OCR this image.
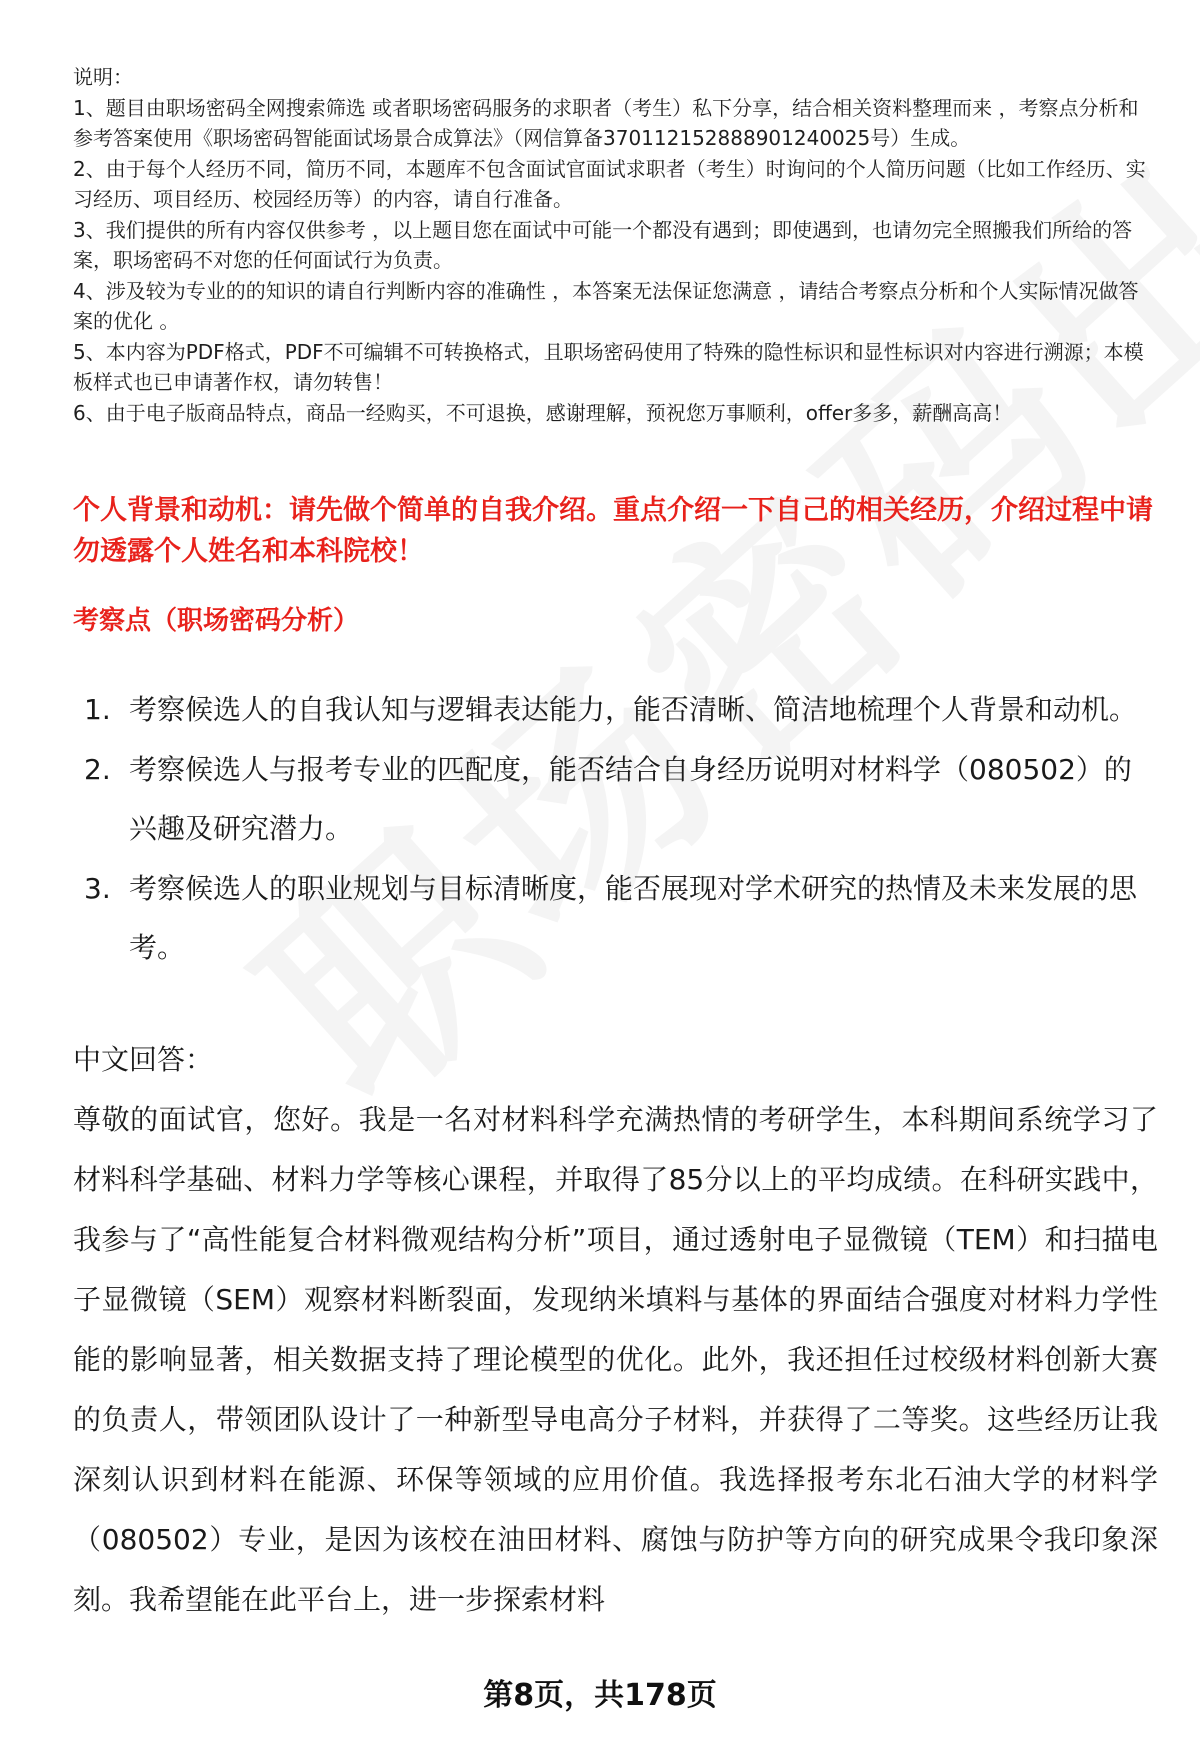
说明：

1、题目由职场密码全网搜索筛选 或者职场密码服务的求职者（考生）私下分享，结合相关资料整理而来 ，考察点分析和参考答案使用《职场密码智能面试场景合成算法》（网信算备370112152888901240025号）生成。

2、由于每个人经历不同，简历不同，本题库不包含面试官面试求职者（考生）时询问的个人简历问题（比如工作经历、实习经历、项目经历、校园经历等）的内容，请自行准备。

3、我们提供的所有内容仅供参考 ，以上题目您在面试中可能一个都没有遇到；即使遇到，也请勿完全照搬我们所给的答案，职场密码不对您的任何面试行为负责。

4、涉及较为专业的的知识的请自行判断内容的准确性 ，本答案无法保证您满意 ，请结合考察点分析和个人实际情况做答案的优化 。

5、本内容为PDF格式，PDF不可编辑不可转换格式，且职场密码使用了特殊的隐性标识和显性标识对内容进行溯源；本模板样式也已申请著作权，请勿转售！

6、由于电子版商品特点，商品一经购买，不可退换，感谢理解，预祝您万事顺利，offer多多，薪酬高高！

个人背景和动机：请先做个简单的自我介绍。重点介绍一下自己的相关经历，介绍过程中请勿透露个人姓名和本科院校！
考察点（职场密码分析）
1. 考察候选人的自我认知与逻辑表达能力，能否清晰、简洁地梳理个人背景和动机。
2. 考察候选人与报考专业的匹配度，能否结合自身经历说明对材料学（080502）的兴趣及研究潜力。
3. 考察候选人的职业规划与目标清晰度，能否展现对学术研究的热情及未来发展的思考。
中文回答：
尊敬的面试官，您好。我是一名对材料科学充满热情的考研学生，本科期间系统学习了材料科学基础、材料力学等核心课程，并取得了85分以上的平均成绩。在科研实践中，我参与了“高性能复合材料微观结构分析”项目，通过透射电子显微镜（TEM）和扫描电子显微镜（SEM）观察材料断裂面，发现纳米填料与基体的界面结合强度对材料力学性能的影响显著，相关数据支持了理论模型的优化。此外，我还担任过校级材料创新大赛的负责人，带领团队设计了一种新型导电高分子材料，并获得了二等奖。这些经历让我深刻认识到材料在能源、环保等领域的应用价值。我选择报考东北石油大学的材料学（080502）专业，是因为该校在油田材料、腐蚀与防护等方向的研究成果令我印象深刻。我希望能在此平台上，进一步探索材料
第8页，共178页
